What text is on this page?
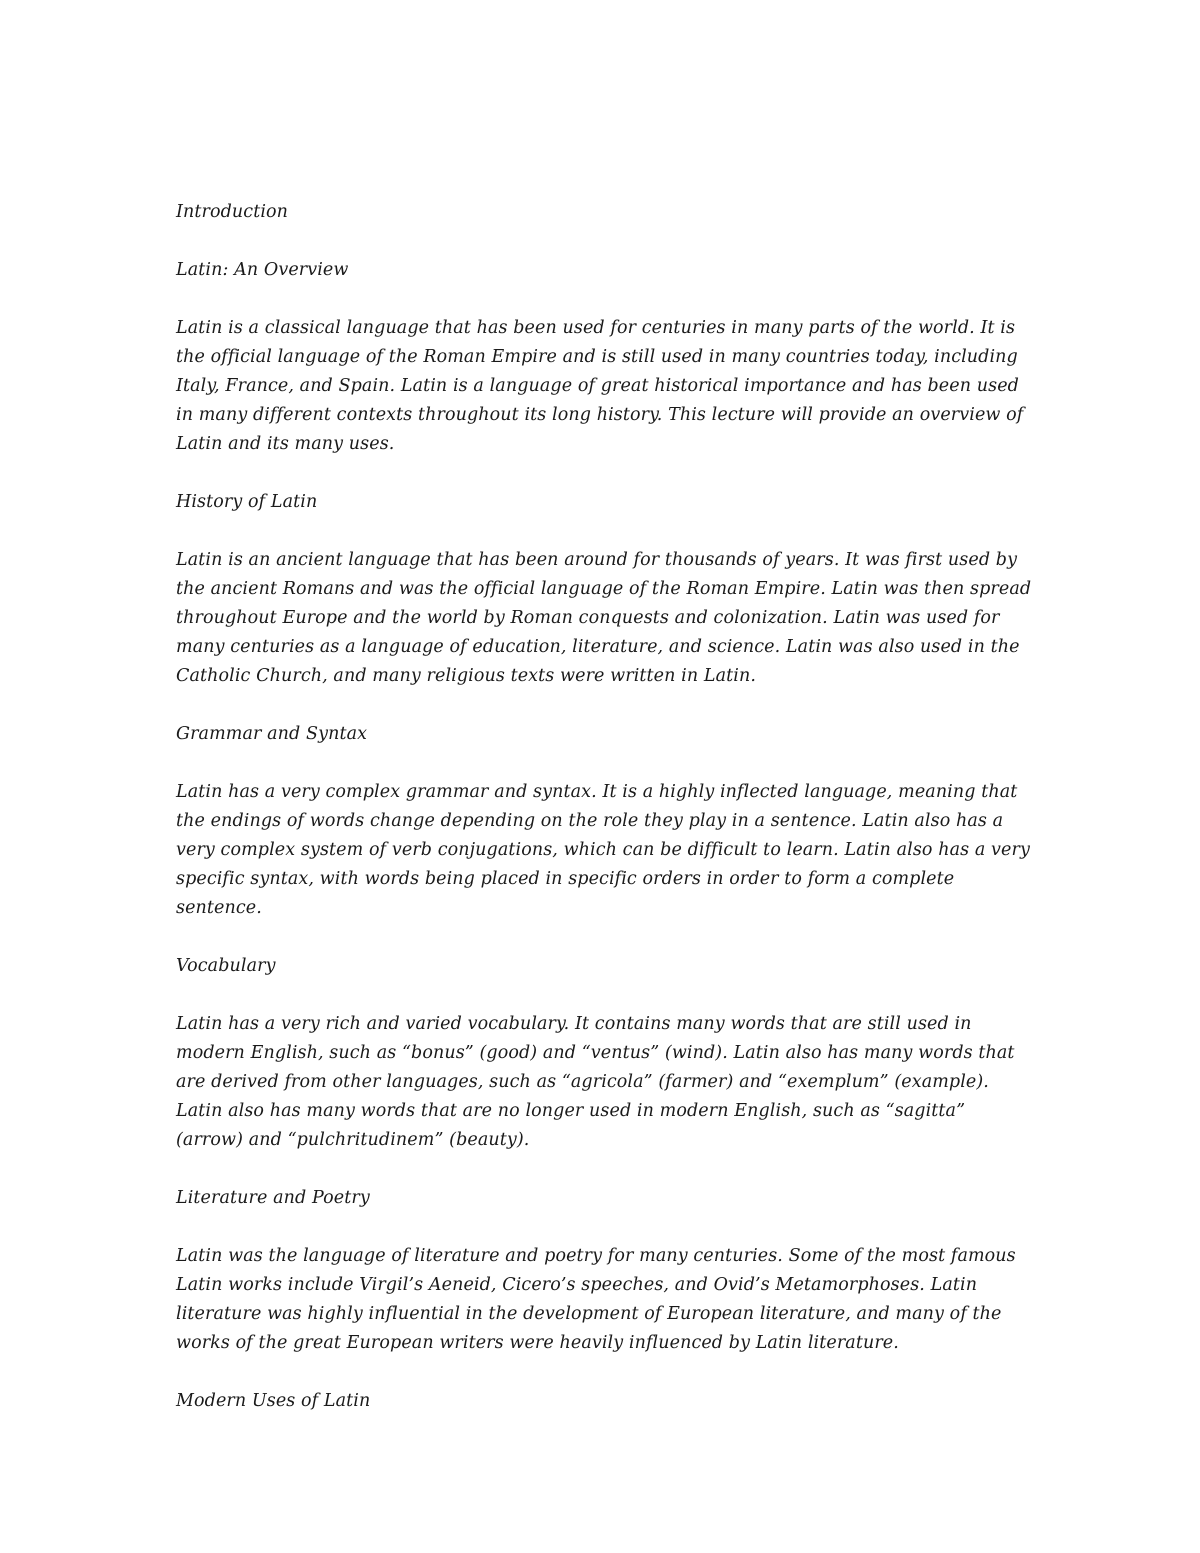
Introduction

Latin: An Overview

Latin is a classical language that has been used for centuries in many parts of the world. It is the official language of the Roman Empire and is still used in many countries today, including Italy, France, and Spain. Latin is a language of great historical importance and has been used in many different contexts throughout its long history. This lecture will provide an overview of Latin and its many uses.

History of Latin

Latin is an ancient language that has been around for thousands of years. It was first used by the ancient Romans and was the official language of the Roman Empire. Latin was then spread throughout Europe and the world by Roman conquests and colonization. Latin was used for many centuries as a language of education, literature, and science. Latin was also used in the Catholic Church, and many religious texts were written in Latin.

Grammar and Syntax

Latin has a very complex grammar and syntax. It is a highly inflected language, meaning that the endings of words change depending on the role they play in a sentence. Latin also has a very complex system of verb conjugations, which can be difficult to learn. Latin also has a very specific syntax, with words being placed in specific orders in order to form a complete sentence.

Vocabulary

Latin has a very rich and varied vocabulary. It contains many words that are still used in modern English, such as “bonus” (good) and “ventus” (wind). Latin also has many words that are derived from other languages, such as “agricola” (farmer) and “exemplum” (example). Latin also has many words that are no longer used in modern English, such as “sagitta” (arrow) and “pulchritudinem” (beauty).

Literature and Poetry

Latin was the language of literature and poetry for many centuries. Some of the most famous Latin works include Virgil’s Aeneid, Cicero’s speeches, and Ovid’s Metamorphoses. Latin literature was highly influential in the development of European literature, and many of the works of the great European writers were heavily influenced by Latin literature.

Modern Uses of Latin
